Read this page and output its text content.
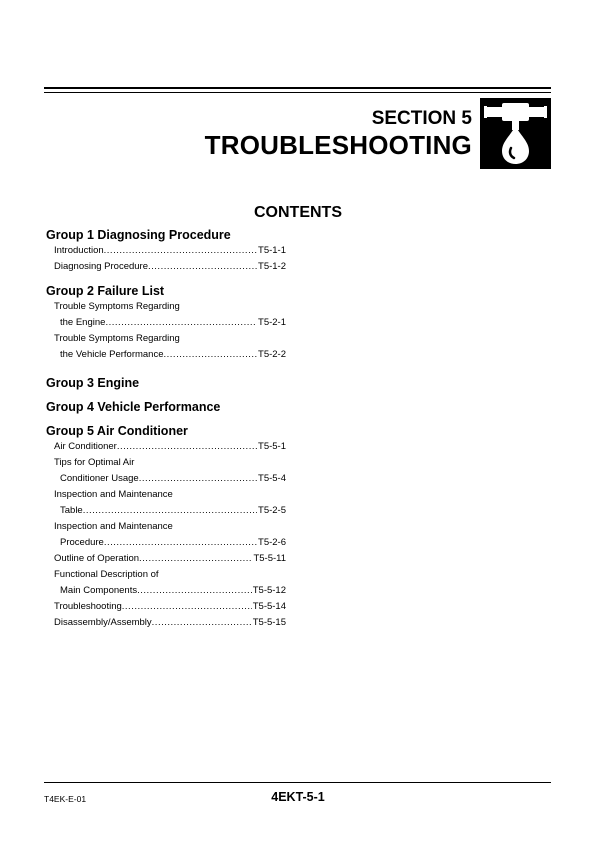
SECTION 5
TROUBLESHOOTING
CONTENTS
Group 1 Diagnosing Procedure
Introduction .....	T5-1-1
Diagnosing Procedure .....	T5-1-2
Group 2 Failure List
Trouble Symptoms Regarding
the Engine .....	T5-2-1
Trouble Symptoms Regarding
the Vehicle Performance .....	T5-2-2
Group 3 Engine
Group 4 Vehicle Performance
Group 5 Air Conditioner
Air Conditioner .....	T5-5-1
Tips for Optimal Air
Conditioner Usage .....	T5-5-4
Inspection and Maintenance
Table .....	T5-2-5
Inspection and Maintenance
Procedure .....	T5-2-6
Outline of Operation .....	T5-5-11
Functional Description of
Main Components .....	T5-5-12
Troubleshooting .....	T5-5-14
Disassembly/Assembly .....	T5-5-15
T4EK-E-01	4EKT-5-1
